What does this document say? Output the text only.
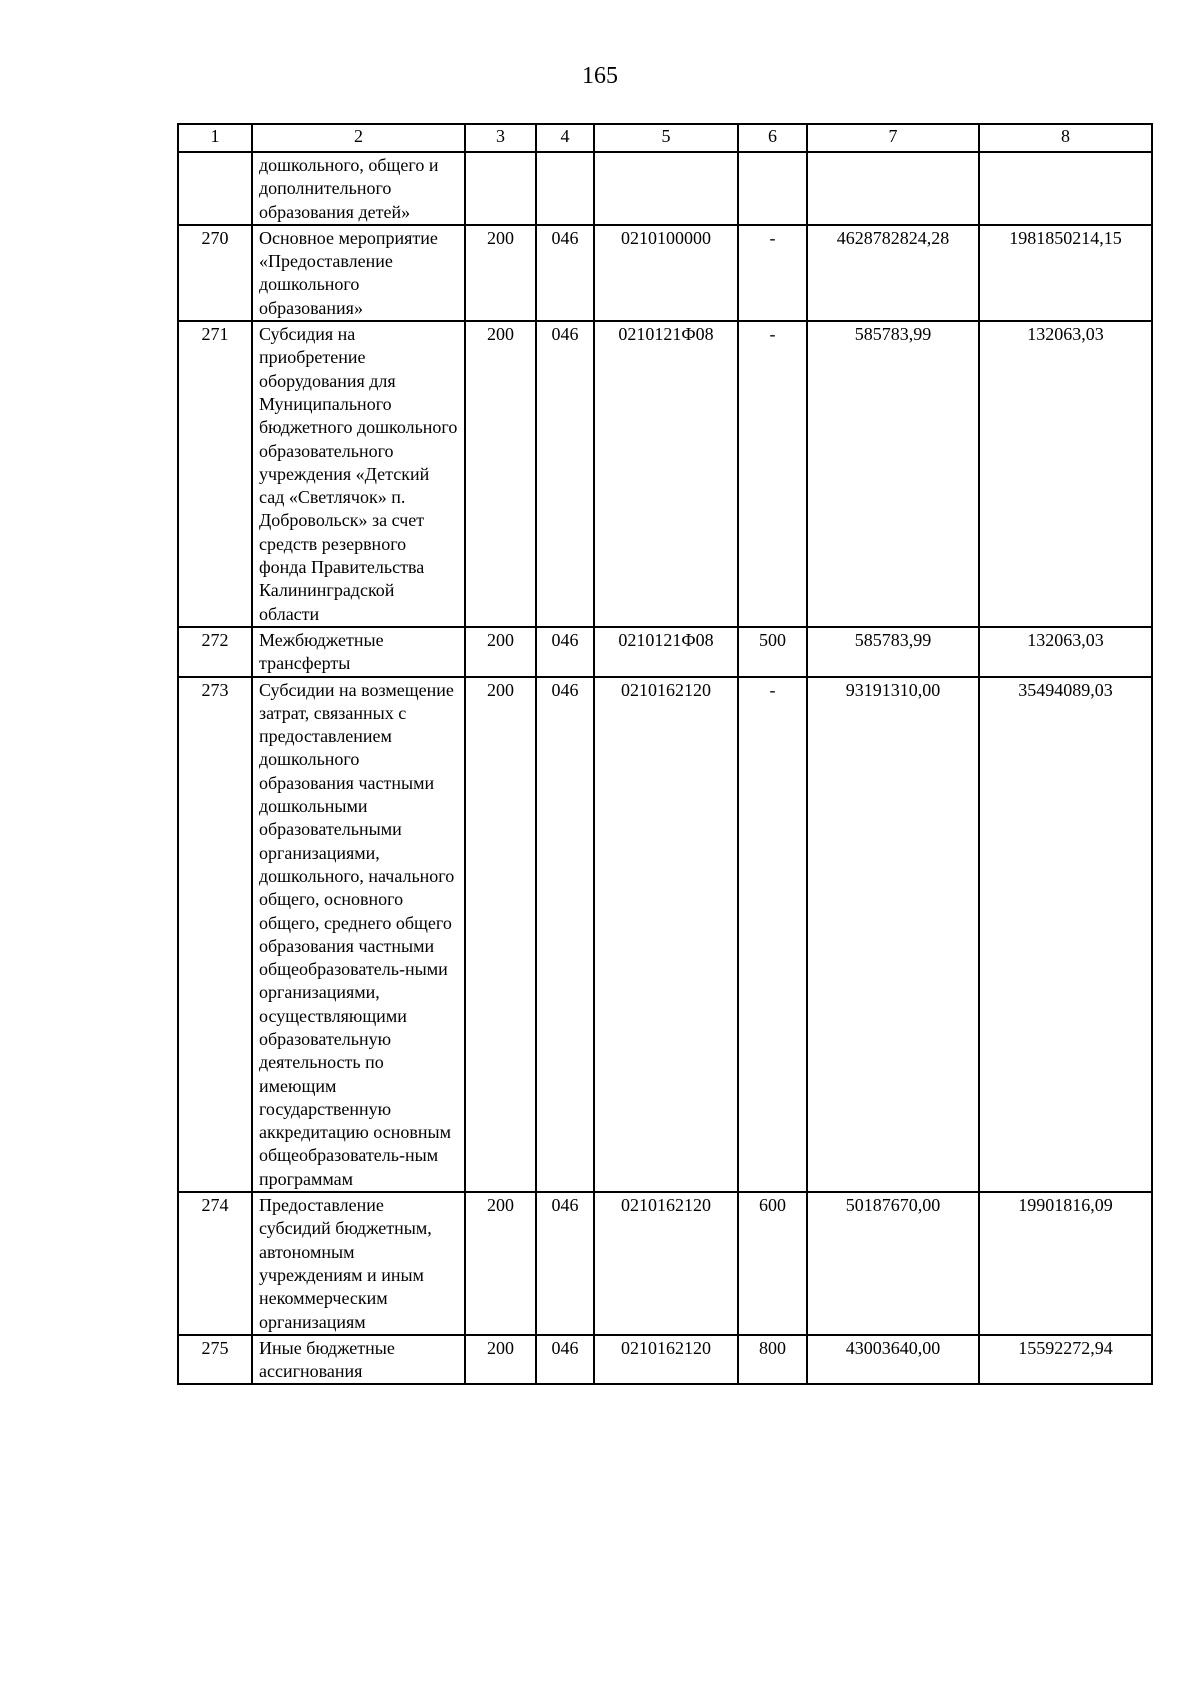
165
1	2	3	4	5	6	7	8
	дошкольного, общего и дополнительного образования детей»						
270	Основное мероприятие «Предоставление дошкольного образования»	200	046	0210100000	-	4628782824,28	1981850214,15
271	Субсидия на приобретение оборудования для Муниципального бюджетного дошкольного образовательного учреждения «Детский сад «Светлячок» п. Добровольск» за счет средств резервного фонда Правительства Калининградской области	200	046	0210121Ф08	-	585783,99	132063,03
272	Межбюджетные трансферты	200	046	0210121Ф08	500	585783,99	132063,03
273	Субсидии на возмещение затрат, связанных с предоставлением дошкольного образования частными дошкольными образовательными организациями, дошкольного, начального общего, основного общего, среднего общего образования частными общеобразователь-ными организациями, осуществляющими образовательную деятельность по имеющим государственную аккредитацию основным общеобразователь-ным программам	200	046	0210162120	-	93191310,00	35494089,03
274	Предоставление субсидий бюджетным, автономным учреждениям и иным некоммерческим организациям	200	046	0210162120	600	50187670,00	19901816,09
275	Иные бюджетные ассигнования	200	046	0210162120	800	43003640,00	15592272,94
